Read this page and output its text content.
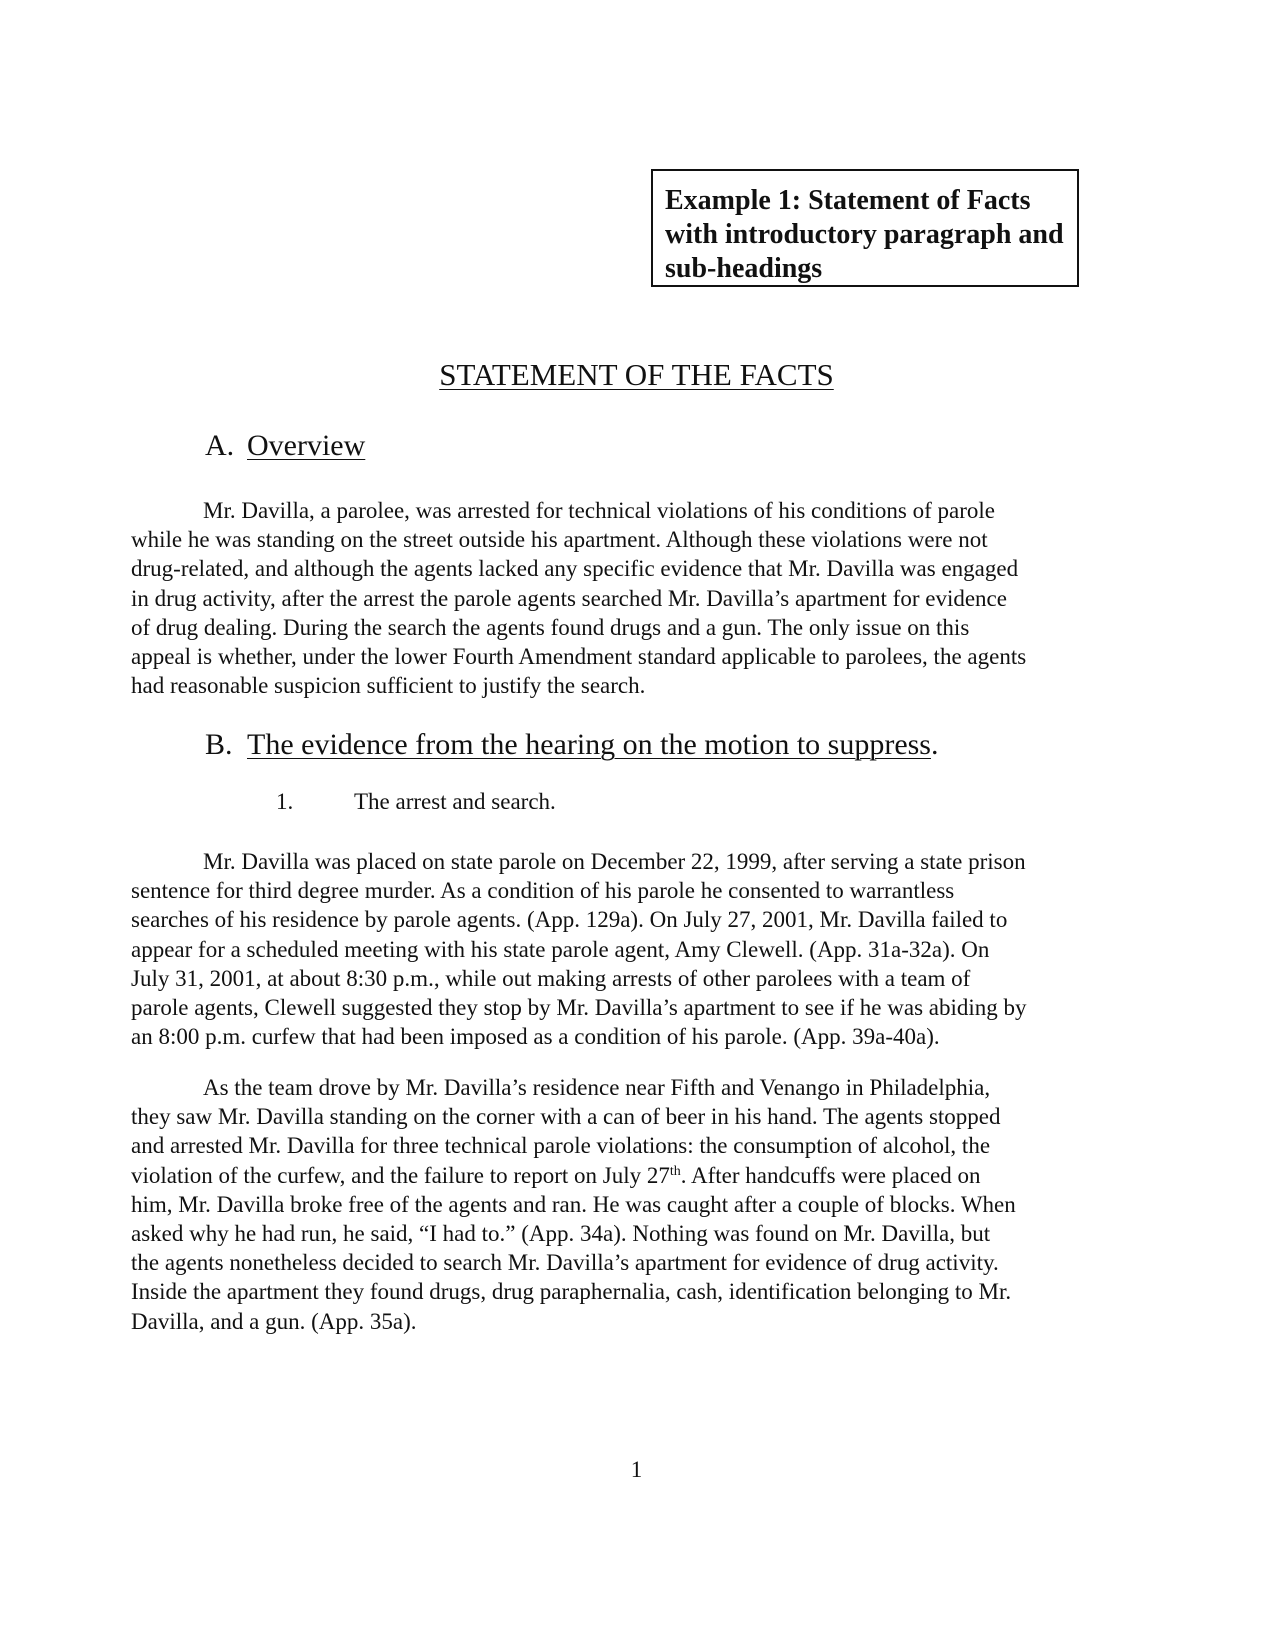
Example 1: Statement of Facts
with introductory paragraph and
sub-headings
STATEMENT OF THE FACTS
A. Overview
Mr. Davilla, a parolee, was arrested for technical violations of his conditions of parole
while he was standing on the street outside his apartment. Although these violations were not
drug-related, and although the agents lacked any specific evidence that Mr. Davilla was engaged
in drug activity, after the arrest the parole agents searched Mr. Davilla’s apartment for evidence
of drug dealing. During the search the agents found drugs and a gun. The only issue on this
appeal is whether, under the lower Fourth Amendment standard applicable to parolees, the agents
had reasonable suspicion sufficient to justify the search.
B. The evidence from the hearing on the motion to suppress.
1.	The arrest and search.
Mr. Davilla was placed on state parole on December 22, 1999, after serving a state prison
sentence for third degree murder. As a condition of his parole he consented to warrantless
searches of his residence by parole agents. (App. 129a). On July 27, 2001, Mr. Davilla failed to
appear for a scheduled meeting with his state parole agent, Amy Clewell. (App. 31a-32a). On
July 31, 2001, at about 8:30 p.m., while out making arrests of other parolees with a team of
parole agents, Clewell suggested they stop by Mr. Davilla’s apartment to see if he was abiding by
an 8:00 p.m. curfew that had been imposed as a condition of his parole. (App. 39a-40a).
As the team drove by Mr. Davilla’s residence near Fifth and Venango in Philadelphia,
they saw Mr. Davilla standing on the corner with a can of beer in his hand. The agents stopped
and arrested Mr. Davilla for three technical parole violations: the consumption of alcohol, the
violation of the curfew, and the failure to report on July 27th. After handcuffs were placed on
him, Mr. Davilla broke free of the agents and ran. He was caught after a couple of blocks. When
asked why he had run, he said, “I had to.” (App. 34a). Nothing was found on Mr. Davilla, but
the agents nonetheless decided to search Mr. Davilla’s apartment for evidence of drug activity.
Inside the apartment they found drugs, drug paraphernalia, cash, identification belonging to Mr.
Davilla, and a gun. (App. 35a).
1
